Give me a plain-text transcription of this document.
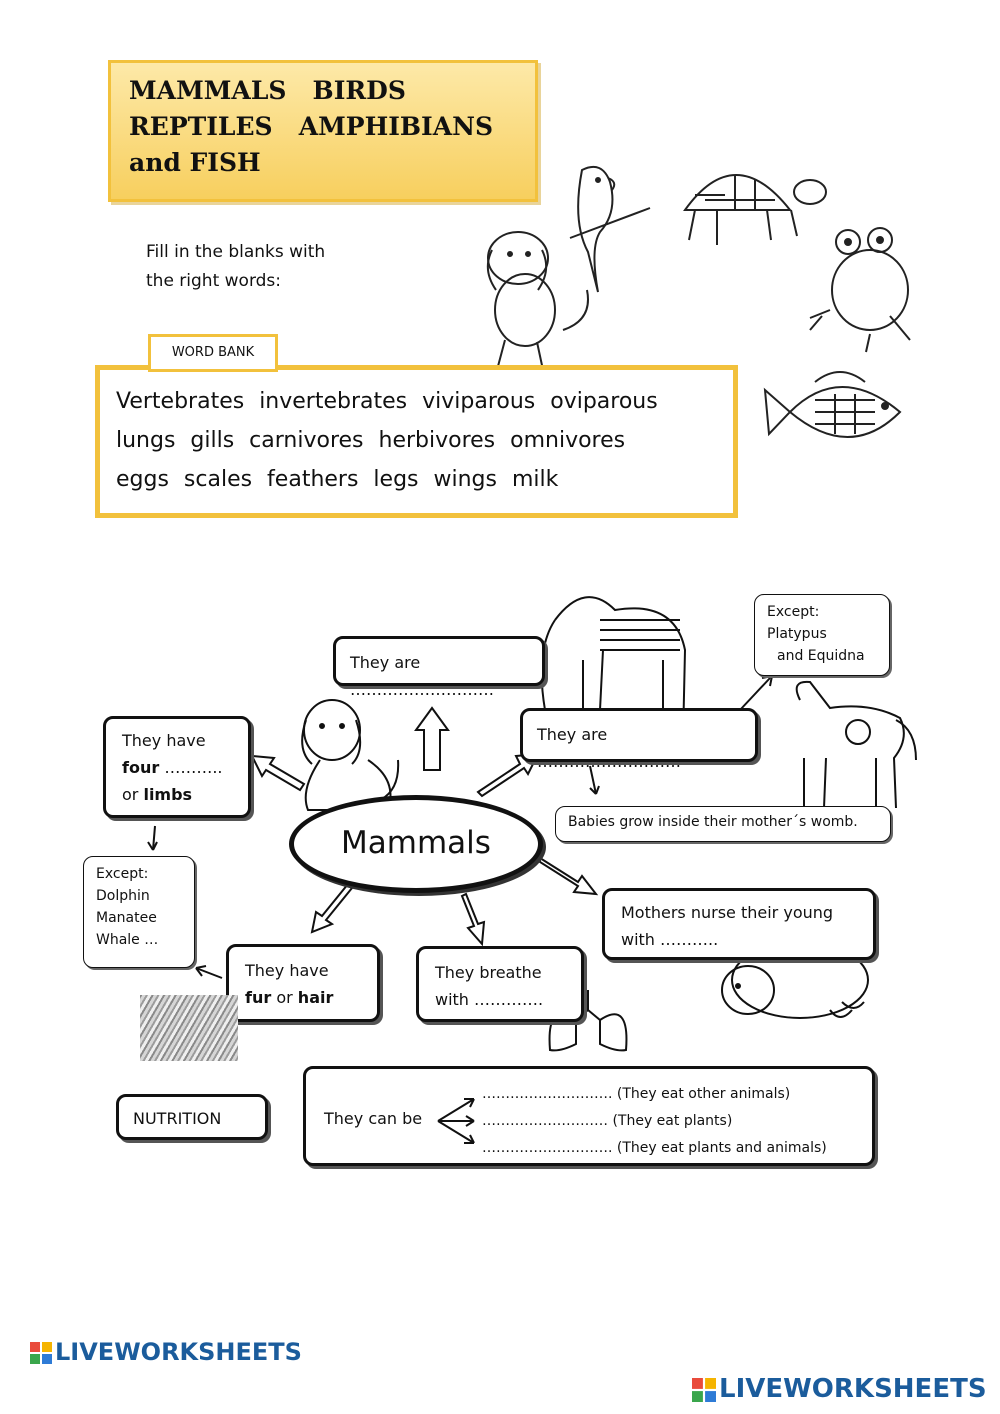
MAMMALS   BIRDS
REPTILES   AMPHIBIANS
and FISH
Fill in the blanks with
the right words:
Vertebrates invertebrates viviparous oviparous
lungs gills carnivores herbivores omnivores
eggs scales feathers legs wings milk
WORD BANK
They are ………………………
Except:
Platypus
and Equidna
They are ………………………
Babies grow inside their mother´s womb.
They have
four ………..
or limbs
Mammals
Except:
Dolphin
Manatee
Whale …
They have
fur or hair
They breathe
with ………….
Mothers nurse their young
with ………..
NUTRITION	They can be
………………………. (They eat other animals)
……………………… (They eat plants)
………………………. (They eat plants and animals)
LIVEWORKSHEETS
LIVEWORKSHEETS
